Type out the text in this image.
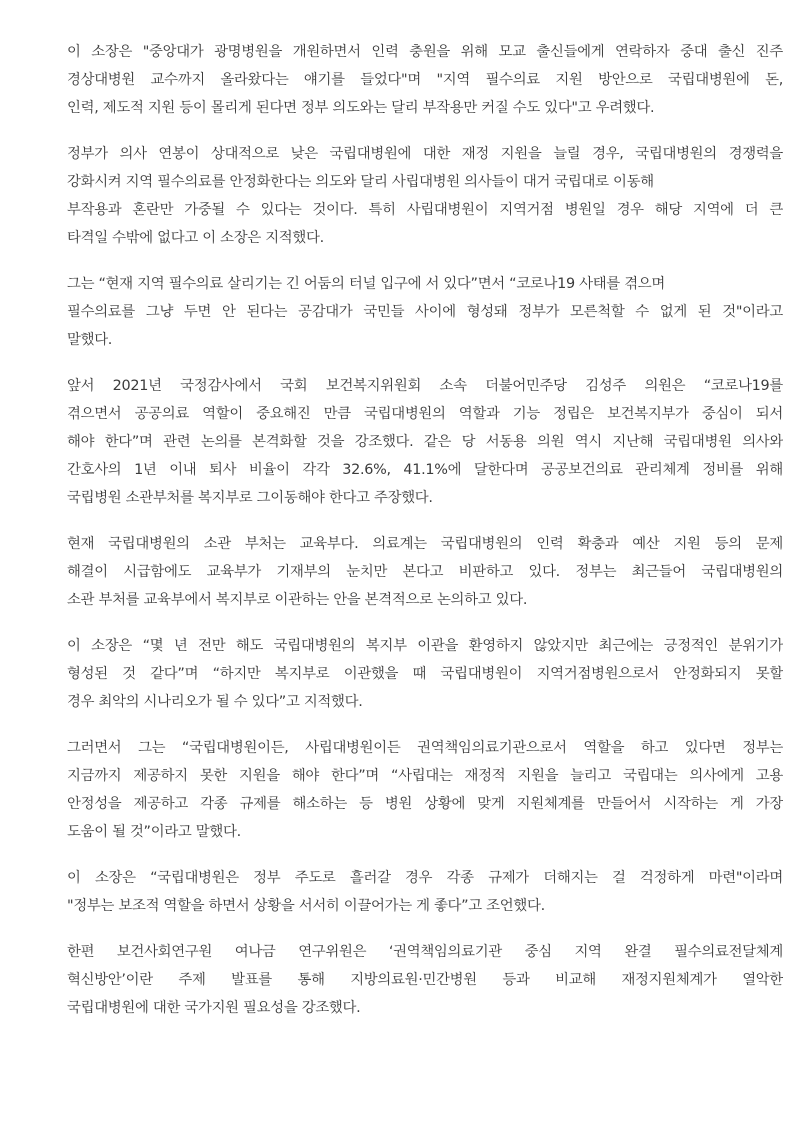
이 소장은 "중앙대가 광명병원을 개원하면서 인력 충원을 위해 모교 출신들에게 연락하자 중대 출신 진주
경상대병원 교수까지 올라왔다는 얘기를 들었다"며 "지역 필수의료 지원 방안으로 국립대병원에 돈,
인력, 제도적 지원 등이 몰리게 된다면 정부 의도와는 달리 부작용만 커질 수도 있다"고 우려했다.

정부가 의사 연봉이 상대적으로 낮은 국립대병원에 대한 재정 지원을 늘릴 경우, 국립대병원의 경쟁력을
강화시켜 지역 필수의료를 안정화한다는 의도와 달리 사립대병원 의사들이 대거 국립대로 이동해
부작용과 혼란만 가중될 수 있다는 것이다. 특히 사립대병원이 지역거점 병원일 경우 해당 지역에 더 큰
타격일 수밖에 없다고 이 소장은 지적했다.

그는 “현재 지역 필수의료 살리기는 긴 어둠의 터널 입구에 서 있다”면서 “코로나19 사태를 겪으며
필수의료를 그냥 두면 안 된다는 공감대가 국민들 사이에 형성돼 정부가 모른척할 수 없게 된 것"이라고
말했다.

앞서 2021년 국정감사에서 국회 보건복지위원회 소속 더불어민주당 김성주 의원은 “코로나19를
겪으면서 공공의료 역할이 중요해진 만큼 국립대병원의 역할과 기능 정립은 보건복지부가 중심이 되서
해야 한다”며 관련 논의를 본격화할 것을 강조했다. 같은 당 서동용 의원 역시 지난해 국립대병원 의사와
간호사의 1년 이내 퇴사 비율이 각각 32.6%, 41.1%에 달한다며 공공보건의료 관리체계 정비를 위해
국립병원 소관부처를 복지부로 그이동해야 한다고 주장했다.

현재 국립대병원의 소관 부처는 교육부다. 의료계는 국립대병원의 인력 확충과 예산 지원 등의 문제
해결이 시급함에도 교육부가 기재부의 눈치만 본다고 비판하고 있다. 정부는 최근들어 국립대병원의
소관 부처를 교육부에서 복지부로 이관하는 안을 본격적으로 논의하고 있다.

이 소장은 “몇 년 전만 해도 국립대병원의 복지부 이관을 환영하지 않았지만 최근에는 긍정적인 분위기가
형성된 것 같다”며 “하지만 복지부로 이관했을 때 국립대병원이 지역거점병원으로서 안정화되지 못할
경우 최악의 시나리오가 될 수 있다”고 지적했다.

그러면서 그는 “국립대병원이든, 사립대병원이든 권역책임의료기관으로서 역할을 하고 있다면 정부는
지금까지 제공하지 못한 지원을 해야 한다”며 “사립대는 재정적 지원을 늘리고 국립대는 의사에게 고용
안정성을 제공하고 각종 규제를 해소하는 등 병원 상황에 맞게 지원체계를 만들어서 시작하는 게 가장
도움이 될 것”이라고 말했다.

이 소장은 “국립대병원은 정부 주도로 흘러갈 경우 각종 규제가 더해지는 걸 걱정하게 마련"이라며
"정부는 보조적 역할을 하면서 상황을 서서히 이끌어가는 게 좋다”고 조언했다.

한편 보건사회연구원 여나금 연구위원은 ‘권역책임의료기관 중심 지역 완결 필수의료전달체계
혁신방안’이란 주제 발표를 통해 지방의료원·민간병원 등과 비교해 재정지원체계가 열악한
국립대병원에 대한 국가지원 필요성을 강조했다.
